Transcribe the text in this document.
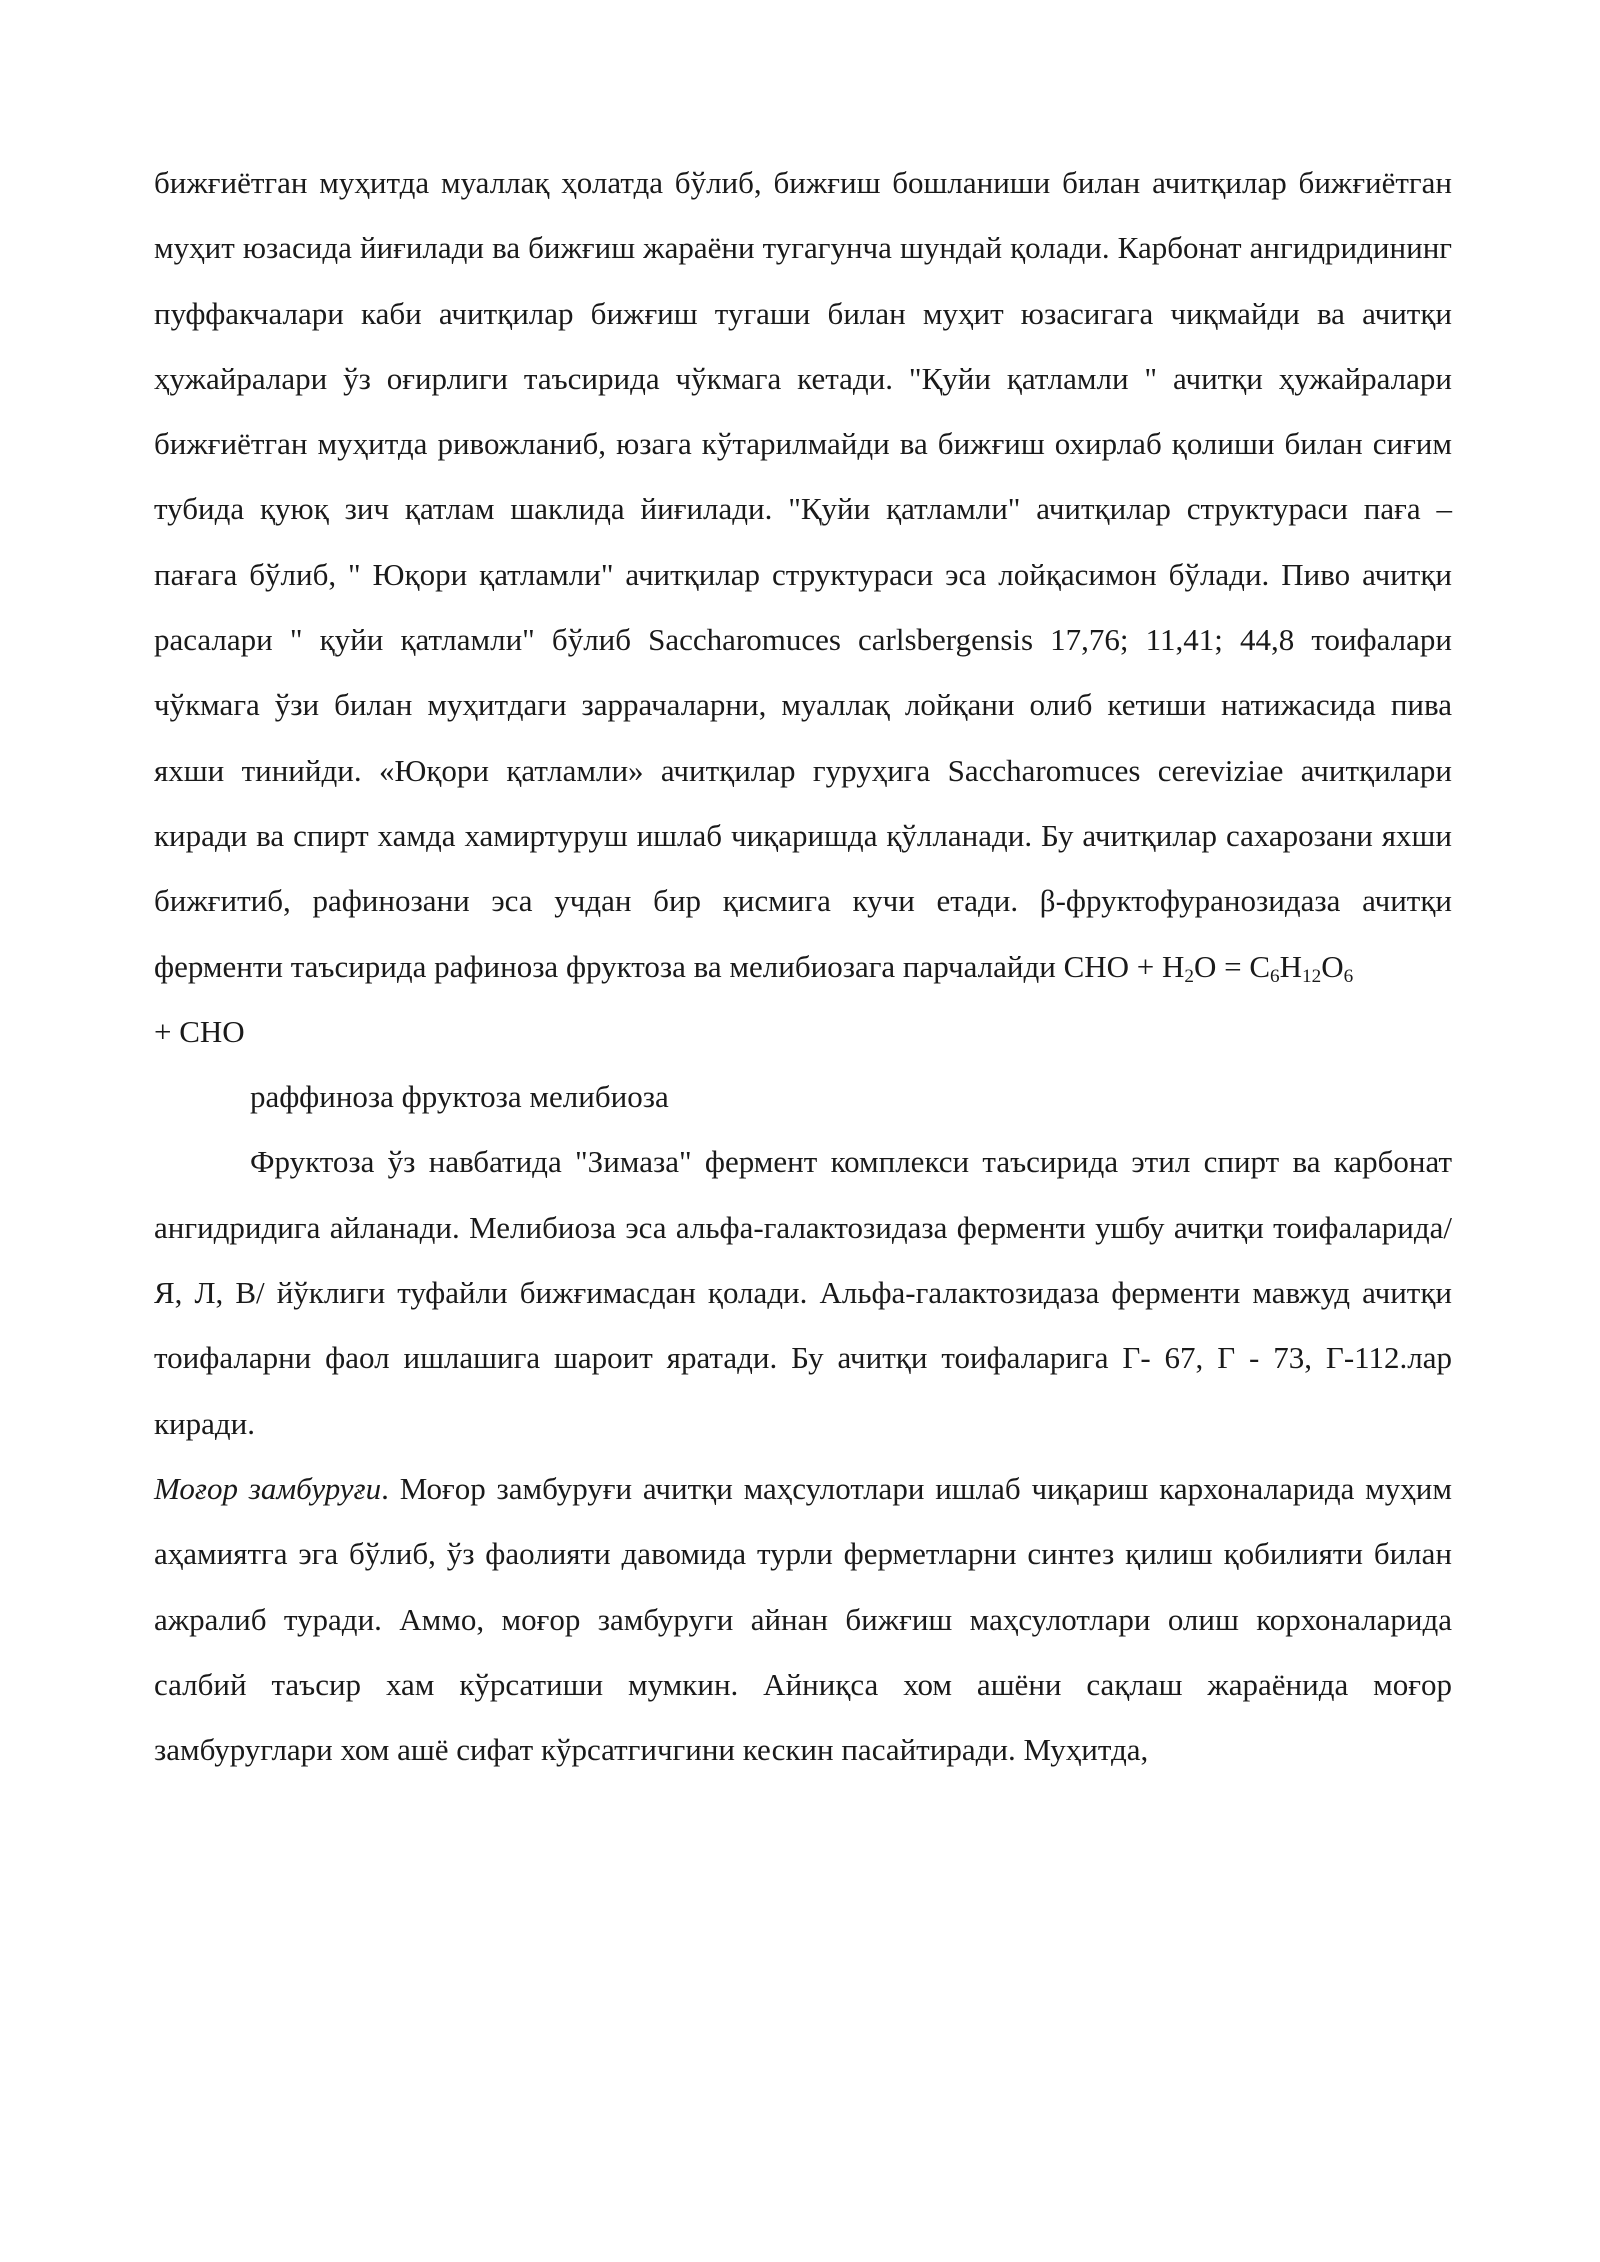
бижғиётган муҳитда муаллақ ҳолатда бўлиб, бижғиш бошланиши билан ачитқилар бижғиётган муҳит юзасида йиғилади ва бижғиш жараёни тугагунча шундай қолади. Карбонат ангидридининг пуффакчалари каби ачитқилар бижғиш тугаши билан муҳит юзасигага чиқмайди ва ачитқи ҳужайралари ўз оғирлиги таъсирида чўкмага кетади. "Қуйи қатламли " ачитқи ҳужайралари бижғиётган муҳитда ривожланиб, юзага кўтарилмайди ва бижғиш охирлаб қолиши билан сиғим тубида қуюқ зич қатлам шаклида йиғилади. "Қуйи қатламли" ачитқилар структураси пағa – пағага бўлиб, " Юқори қатламли" ачитқилар структураси эса лойқасимон бўлади. Пиво ачитқи расалари " қуйи қатламли" бўлиб Saccharomuces carlsbergensis 17,76; 11,41; 44,8 тоифалари чўкмага ўзи билан муҳитдаги заррачаларни, муаллақ лойқани олиб кетиши натижасида пива яхши тинийди. «Юқори қатламли» ачитқилар гуруҳига Saccharomuces cereviziae ачитқилари киради ва спирт хамда хамиртуруш ишлаб чиқаришда қўлланади. Бу ачитқилар сахарозани яхши бижғитиб, рафинозани эса учдан бир қисмига кучи етади. β-фруктофуранозидаза ачитқи ферменти таъсирида рафиноза фруктоза ва мелибиозага парчалайди СНО + $Н_2О = С_6Н_{12}О_6$
+ СНО

раффиноза фруктоза мелибиоза

Фруктоза ўз навбатида "Зимаза" фермент комплекси таъсирида этил спирт ва карбонат ангидридига айланади. Мелибиоза эса альфа-галактозидаза ферменти ушбу ачитқи тоифаларида/Я, Л, В/ йўклиги туфайли бижғимасдан қолади. Альфа-галактозидаза ферменти мавжуд ачитқи тоифаларни фаол ишлашига шароит яратади. Бу ачитқи тоифаларига Г- 67, Г - 73, Г-112.лар киради.

Моғор замбуруғи. Моғор замбуруғи ачитқи маҳсулотлари ишлаб чиқариш кархоналарида муҳим аҳамиятга эга бўлиб, ўз фаолияти давомида турли ферметларни синтез қилиш қобилияти билан ажралиб туради. Аммо, моғор замбуруги айнан бижғиш маҳсулотлари олиш корхоналарида салбий таъсир хам кўрсатиши мумкин. Айниқса хом ашёни сақлаш жараёнида моғор замбуруглари хом ашё сифат кўрсатгичгини кескин пасайтиради. Муҳитда,
